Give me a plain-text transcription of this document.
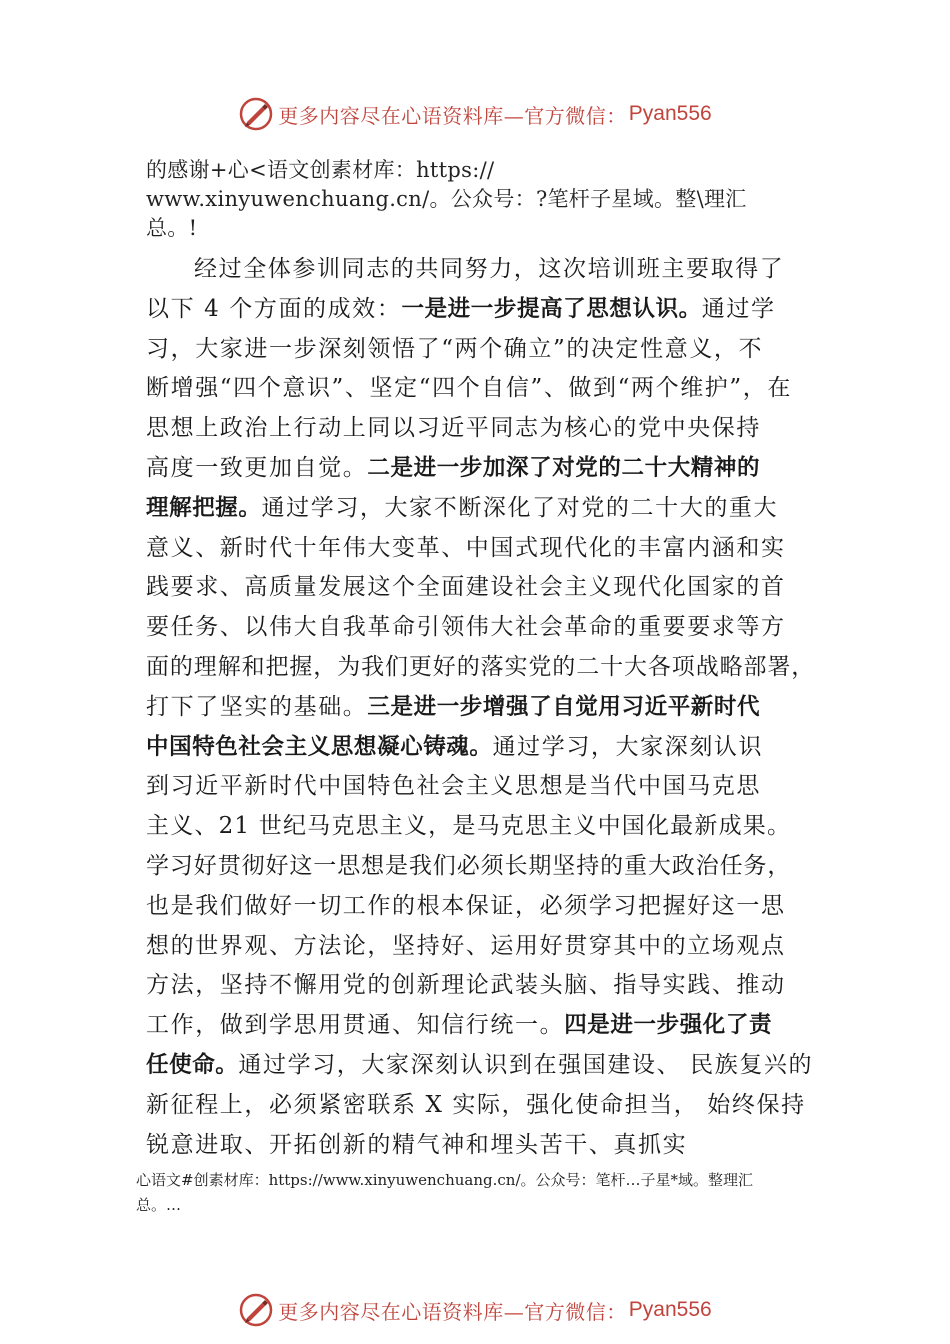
更多内容尽在心语资料库—官方微信： Pyan556
的感谢+心<语文创素材库：https://
www.xinyuwenchuang.cn/。公众号：?笔杆子星域。整\理汇
总。!
经过全体参训同志的共同努力，这次培训班主要取得了
以下 4 个方面的成效：一是进一步提高了思想认识。通过学
习，大家进一步深刻领悟了“两个确立”的决定性意义，不
断增强“四个意识”、坚定“四个自信”、做到“两个维护”，在
思想上政治上行动上同以习近平同志为核心的党中央保持
高度一致更加自觉。二是进一步加深了对党的二十大精神的
理解把握。通过学习，大家不断深化了对党的二十大的重大
意义、新时代十年伟大变革、中国式现代化的丰富内涵和实
践要求、高质量发展这个全面建设社会主义现代化国家的首
要任务、以伟大自我革命引领伟大社会革命的重要要求等方
面的理解和把握，为我们更好的落实党的二十大各项战略部署，
打下了坚实的基础。三是进一步增强了自觉用习近平新时代
中国特色社会主义思想凝心铸魂。通过学习，大家深刻认识
到习近平新时代中国特色社会主义思想是当代中国马克思
主义、21 世纪马克思主义，是马克思主义中国化最新成果。
学习好贯彻好这一思想是我们必须长期坚持的重大政治任务，
也是我们做好一切工作的根本保证，必须学习把握好这一思
想的世界观、方法论，坚持好、运用好贯穿其中的立场观点
方法，坚持不懈用党的创新理论武装头脑、指导实践、推动
工作，做到学思用贯通、知信行统一。四是进一步强化了责
任使命。通过学习，大家深刻认识到在强国建设、 民族复兴的
新征程上，必须紧密联系 X 实际，强化使命担当， 始终保持
锐意进取、开拓创新的精气神和埋头苦干、真抓实
心语文#创素材库：https://www.xinyuwenchuang.cn/。公众号：笔杆…子星*域。整理汇
总。…
更多内容尽在心语资料库—官方微信： Pyan556
